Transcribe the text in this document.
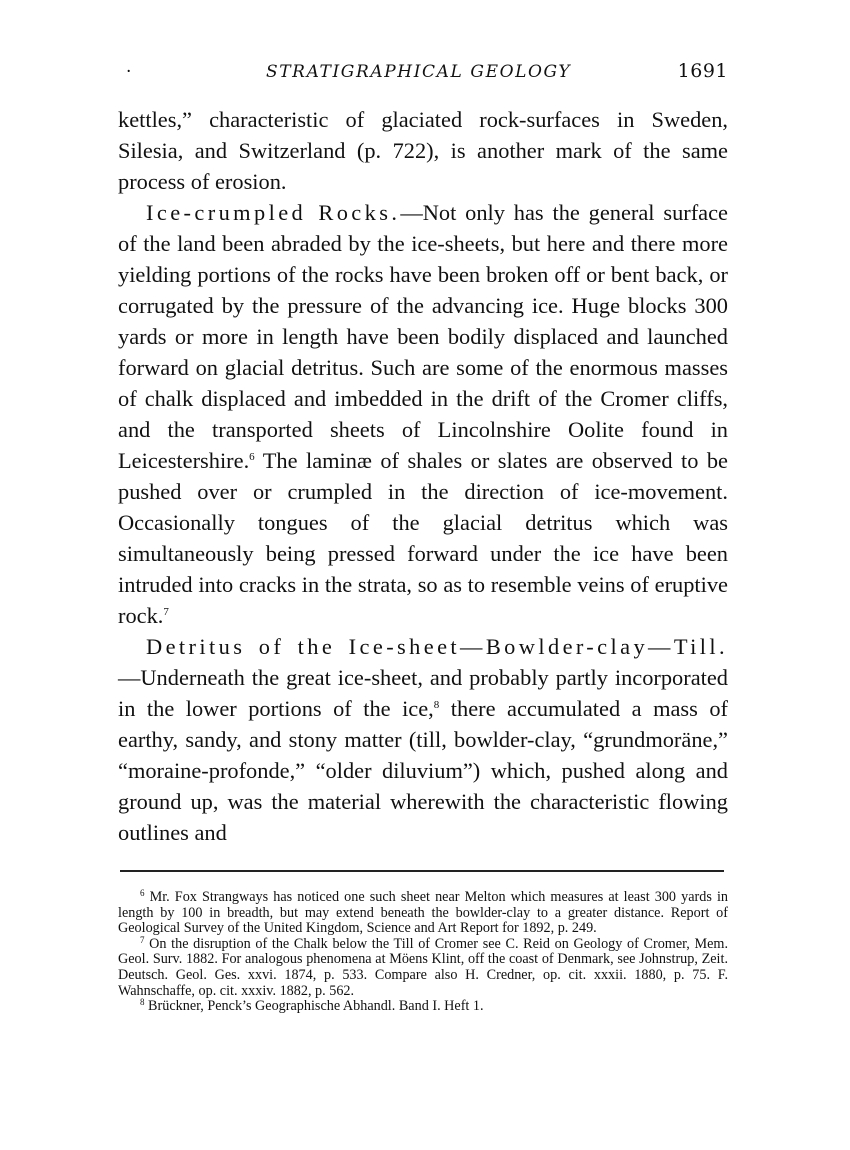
·	STRATIGRAPHICAL GEOLOGY	1691

kettles,” characteristic of glaciated rock-surfaces in Sweden, Silesia, and Switzerland (p. 722), is another mark of the same process of erosion.

Ice-crumpled Rocks.—Not only has the general surface of the land been abraded by the ice-sheets, but here and there more yielding portions of the rocks have been broken off or bent back, or corrugated by the pressure of the advancing ice. Huge blocks 300 yards or more in length have been bodily displaced and launched forward on glacial detritus. Such are some of the enormous masses of chalk displaced and imbedded in the drift of the Cromer cliffs, and the transported sheets of Lincolnshire Oolite found in Leicestershire.$^6$ The laminæ of shales or slates are observed to be pushed over or crumpled in the direction of ice-movement. Occasionally tongues of the glacial detritus which was simultaneously being pressed forward under the ice have been intruded into cracks in the strata, so as to resemble veins of eruptive rock.$^7$

Detritus of the Ice-sheet—Bowlder-clay—Till.—Underneath the great ice-sheet, and probably partly incorporated in the lower portions of the ice,$^8$ there accumulated a mass of earthy, sandy, and stony matter (till, bowlder-clay, “grundmoräne,” “moraine-profonde,” “older diluvium”) which, pushed along and ground up, was the material wherewith the characteristic flowing outlines and

$^6$ Mr. Fox Strangways has noticed one such sheet near Melton which measures at least 300 yards in length by 100 in breadth, but may extend beneath the bowlder-clay to a greater distance. Report of Geological Survey of the United Kingdom, Science and Art Report for 1892, p. 249.

$^7$ On the disruption of the Chalk below the Till of Cromer see C. Reid on Geology of Cromer, Mem. Geol. Surv. 1882. For analogous phenomena at Möens Klint, off the coast of Denmark, see Johnstrup, Zeit. Deutsch. Geol. Ges. xxvi. 1874, p. 533. Compare also H. Credner, op. cit. xxxii. 1880, p. 75. F. Wahnschaffe, op. cit. xxxiv. 1882, p. 562.

$^8$ Brückner, Penck’s Geographische Abhandl. Band I. Heft 1.
